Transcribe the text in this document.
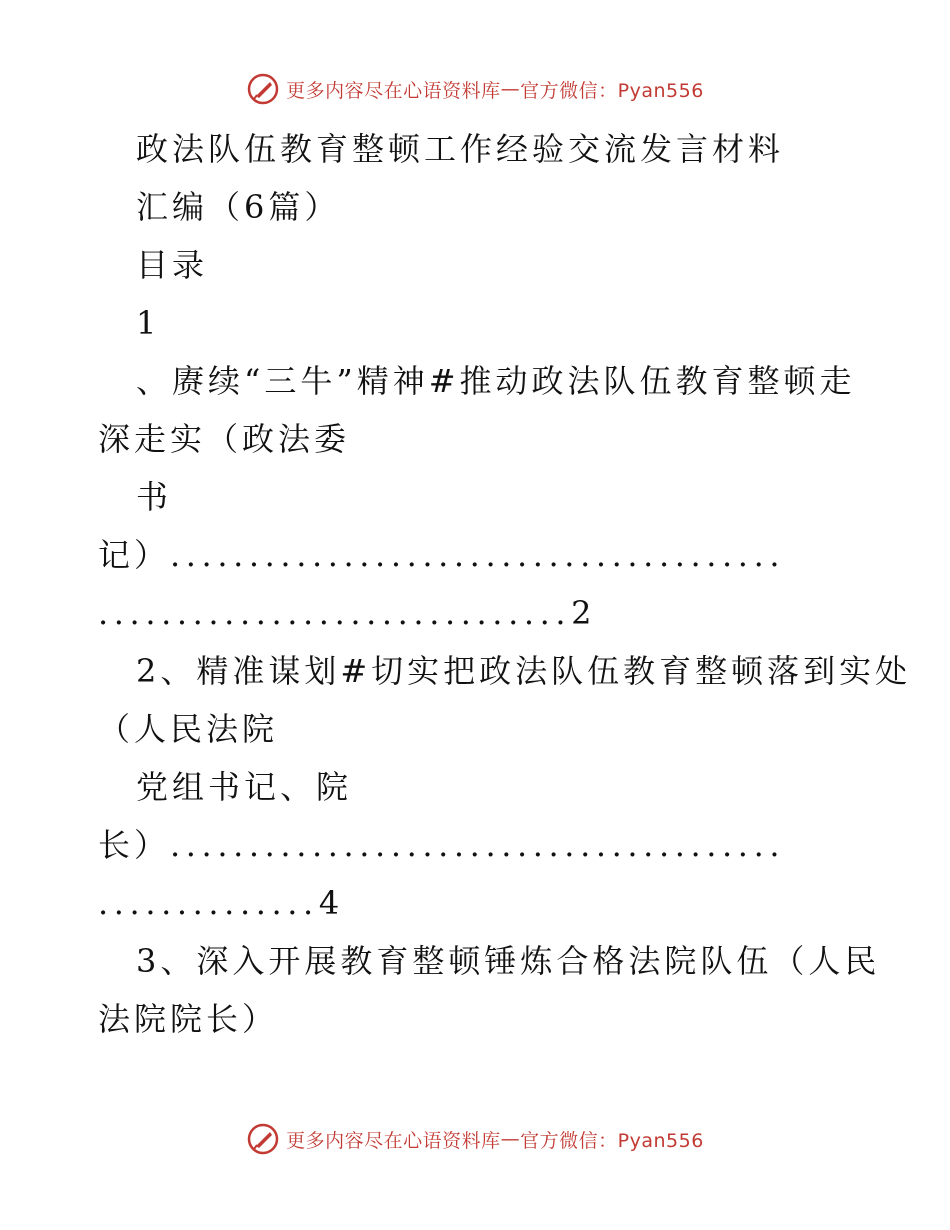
更多内容尽在心语资料库 — 官方微信：Pyan556
政法队伍教育整顿工作经验交流发言材料
汇编（6篇）
目录
1
、赓续“三牛”精神#推动政法队伍教育整顿走
深走实（政法委
书
记）.......................................
..............................2
2、精准谋划#切实把政法队伍教育整顿落到实处
（人民法院
党组书记、院
长）.......................................
..............4
3、深入开展教育整顿锤炼合格法院队伍（人民
法院院长）
更多内容尽在心语资料库 — 官方微信：Pyan556
